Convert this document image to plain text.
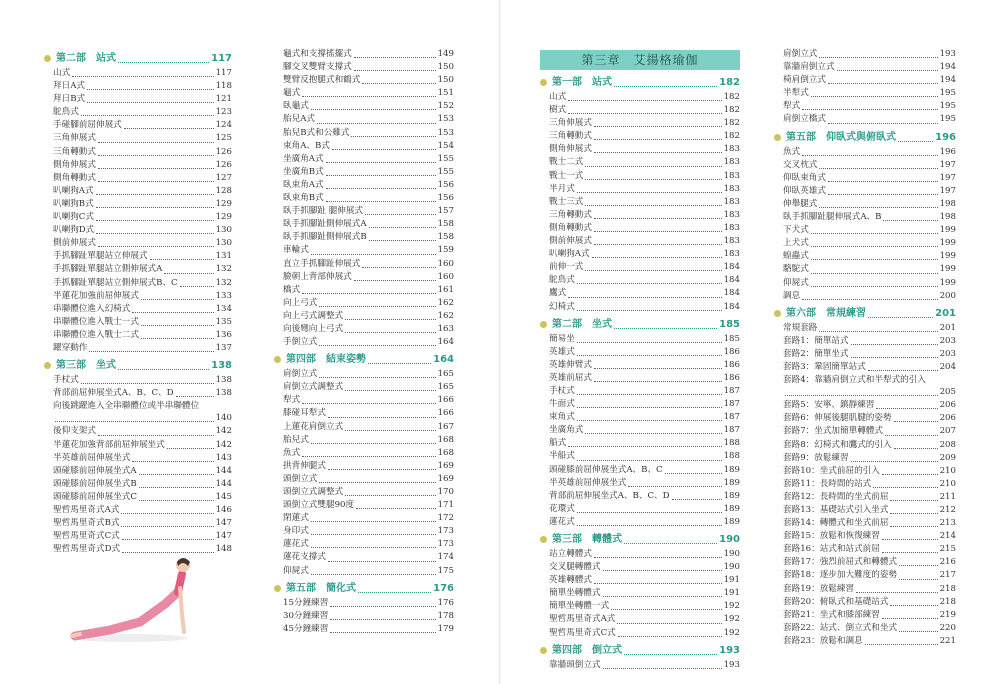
第二部　站式	117
山式	117
拜日A式	118
拜日B式	121
鴕鳥式	123
手碰腳前屈伸展式	124
三角伸展式	125
三角轉動式	126
側角伸展式	126
側角轉動式	127
叭喇狗A式	128
叭喇狗B式	129
叭喇狗C式	129
叭喇狗D式	130
側前伸展式	130
手抓腳趾單腿站立伸展式	131
手抓腳趾單腿站立側伸展式A	132
手抓腳趾單腿站立側伸展式B、C	132
半蓮花加強前屈伸展式	133
串聯體位進入幻椅式	134
串聯體位進入戰士一式	135
串聯體位進入戰士二式	136
躍穿動作	137
第三部　坐式	138
手杖式	138
背部前屈伸展坐式A、B、C、D	138
向後跳躍進入全串聯體位或半串聯體位
140
後仰支架式	142
半蓮花加強背部前屈伸展坐式	142
半英雄前屈伸展坐式	143
頭碰膝前屈伸展坐式A	144
頭碰膝前屈伸展坐式B	144
頭碰膝前屈伸展坐式C	145
聖哲馬里奇式A式	146
聖哲馬里奇式B式	147
聖哲馬里奇式C式	147
聖哲馬里奇式D式	148
龜式和支撐搖擺式	149
腳交叉雙臂支撐式	150
雙臂反抱腿式和鶴式	150
龜式	151
臥龜式	152
胎兒A式	153
胎兒B式和公雞式	153
束角A、B式	154
坐廣角A式	155
坐廣角B式	155
臥束角A式	156
臥束角B式	156
臥手抓腳趾 腿伸展式	157
臥手抓腳趾側伸展式A	158
臥手抓腳趾側伸展式B	158
車輪式	159
直立手抓腳趾伸展式	160
臉朝上背部伸展式	160
橋式	161
向上弓式	162
向上弓式調整式	162
向後彎向上弓式	163
手倒立式	164
第四部　結束姿勢	164
肩倒立式	165
肩倒立式調整式	165
犁式	166
膝碰耳犁式	166
上蓮花肩倒立式	167
胎兒式	168
魚式	168
拱背伸腿式	169
頭倒立式	169
頭倒立式調整式	170
頭倒立式雙腿90度	171
閉蓮式	172
身印式	173
蓮花式	173
蓮花支撐式	174
仰屍式	175
第五部　簡化式	176
15分鐘練習	176
30分鐘練習	178
45分鐘練習	179
第三章　艾揚格瑜伽
第一部　站式	182
山式	182
樹式	182
三角伸展式	182
三角轉動式	182
側角伸展式	183
戰士二式	183
戰士一式	183
半月式	183
戰士三式	183
三角轉動式	183
側角轉動式	183
側前伸展式	183
叭喇狗A式	183
前伸一式	184
鴕鳥式	184
鷹式	184
幻椅式	184
第二部　坐式	185
簡易坐	185
英雄式	186
英雄伸臂式	186
英雄前屈式	186
手杖式	187
牛面式	187
束角式	187
坐廣角式	187
船式	188
半船式	188
頭碰膝前屈伸展坐式A、B、C	189
半英雄前屈伸展坐式	189
背部前屈伸展坐式A、B、C、D	189
花環式	189
蓮花式	189
第三部　轉體式	190
站立轉體式	190
交叉腿轉體式	190
英雄轉體式	191
簡單坐轉體式	191
簡單坐轉體一式	192
聖哲馬里奇式A式	192
聖哲馬里奇式C式	192
第四部　倒立式	193
靠牆頭倒立式	193
肩倒立式	193
靠牆肩倒立式	194
椅肩倒立式	194
半犁式	195
犁式	195
肩倒立橋式	195
第五部　仰臥式與俯臥式	196
魚式	196
交叉枕式	197
仰臥束角式	197
仰臥英雄式	197
伸舉腿式	198
臥手抓腳趾腿伸展式A、B	198
下犬式	199
上犬式	199
蝗蟲式	199
駱駝式	199
仰屍式	199
調息	200
第六部　常規練習	201
常規套路	201
套路1：簡單站式	203
套路2：簡單坐式	203
套路3：鞏固簡單站式	204
套路4：靠牆肩倒立式和半犁式的引入
205
套路5：安寧、鎮靜練習	206
套路6：伸展後腿肌腱的姿勢	206
套路7：坐式加簡單轉體式	207
套路8：幻椅式和鷹式的引入	208
套路9：放鬆練習	209
套路10：坐式前屈的引入	210
套路11：長時間的站式	210
套路12：長時間的坐式前屈	211
套路13：基礎站式引入坐式	212
套路14：轉體式和坐式前屈	213
套路15：放鬆和恢復練習	214
套路16：站式和站式前屈	215
套路17：強烈前屈式和轉體式	216
套路18：逐步加大難度的姿勢	217
套路19：放鬆練習	218
套路20：俯臥式和基礎站式	218
套路21：坐式和膝部練習	219
套路22：站式、倒立式和坐式	220
套路23：放鬆和調息	221
